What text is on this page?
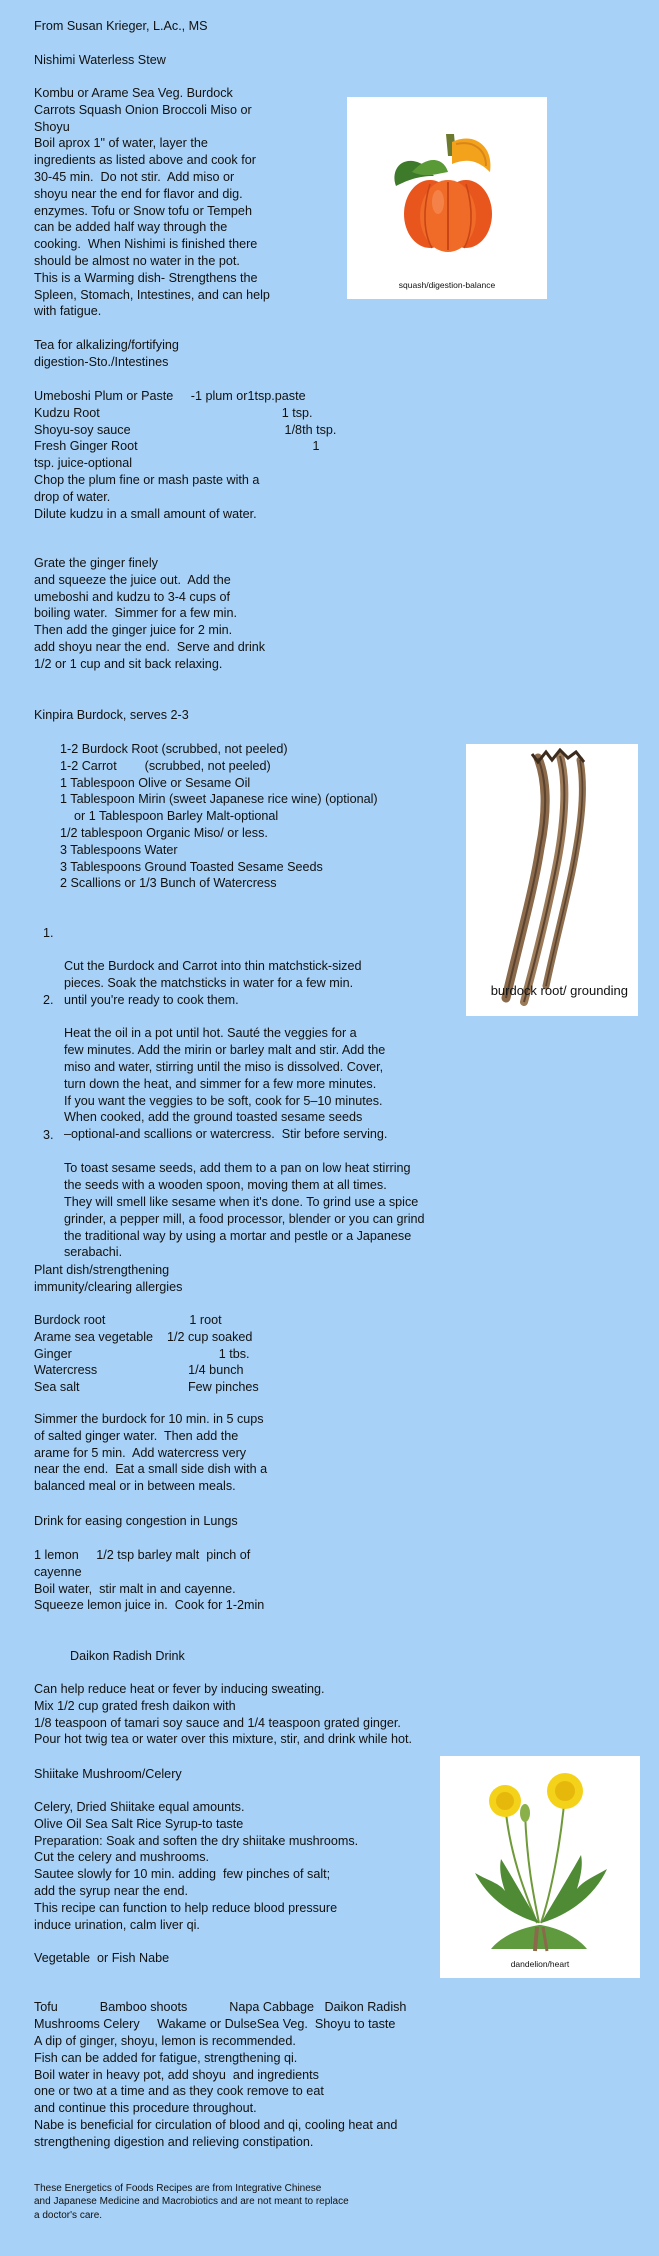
From Susan Krieger, L.Ac., MS

Nishimi Waterless Stew

Kombu or Arame Sea Veg. Burdock
Carrots Squash Onion Broccoli Miso or
Shoyu
Boil aprox 1" of water, layer the
ingredients as listed above and cook for
30-45 min.  Do not stir.  Add miso or
shoyu near the end for flavor and dig.
enzymes. Tofu or Snow tofu or Tempeh
can be added half way through the
cooking.  When Nishimi is finished there
should be almost no water in the pot.
This is a Warming dish- Strengthens the
Spleen, Stomach, Intestines, and can help
with fatigue.

squash/digestion-balance

Tea for alkalizing/fortifying
digestion-Sto./Intestines

Umeboshi Plum or Paste     -1 plum or1tsp.paste
Kudzu Root                                                    1 tsp.
Shoyu-soy sauce                                            1/8th tsp.
Fresh Ginger Root                                                  1
tsp. juice-optional
Chop the plum fine or mash paste with a
drop of water.
Dilute kudzu in a small amount of water.

Grate the ginger finely
and squeeze the juice out.  Add the
umeboshi and kudzu to 3-4 cups of
boiling water.  Simmer for a few min.
Then add the ginger juice for 2 min.
add shoyu near the end.  Serve and drink
1/2 or 1 cup and sit back relaxing.

Kinpira Burdock, serves 2-3

1-2 Burdock Root (scrubbed, not peeled)
1-2 Carrot        (scrubbed, not peeled)
1 Tablespoon Olive or Sesame Oil
1 Tablespoon Mirin (sweet Japanese rice wine) (optional)
or 1 Tablespoon Barley Malt-optional
1/2 tablespoon Organic Miso/ or less.
3 Tablespoons Water
3 Tablespoons Ground Toasted Sesame Seeds
2 Scallions or 1/3 Bunch of Watercress

1.

Cut the Burdock and Carrot into thin matchstick-sized
pieces. Soak the matchsticks in water for a few min.
until you're ready to cook them.

2.

Heat the oil in a pot until hot. Sauté the veggies for a
few minutes. Add the mirin or barley malt and stir. Add the
miso and water, stirring until the miso is dissolved. Cover,
turn down the heat, and simmer for a few more minutes.
If you want the veggies to be soft, cook for 5–10 minutes.
When cooked, add the ground toasted sesame seeds
–optional-and scallions or watercress.  Stir before serving.

3.

To toast sesame seeds, add them to a pan on low heat stirring
the seeds with a wooden spoon, moving them at all times.
They will smell like sesame when it's done. To grind use a spice
grinder, a pepper mill, a food processor, blender or you can grind
the traditional way by using a mortar and pestle or a Japanese
serabachi.

burdock root/ grounding

Plant dish/strengthening
immunity/clearing allergies

Burdock root                        1 root
Arame sea vegetable    1/2 cup soaked
Ginger                                          1 tbs.
Watercress                          1/4 bunch
Sea salt                               Few pinches

Simmer the burdock for 10 min. in 5 cups
of salted ginger water.  Then add the
arame for 5 min.  Add watercress very
near the end.  Eat a small side dish with a
balanced meal or in between meals.

Drink for easing congestion in Lungs

1 lemon     1/2 tsp barley malt  pinch of
cayenne
Boil water,  stir malt in and cayenne.
Squeeze lemon juice in.  Cook for 1-2min

Daikon Radish Drink

Can help reduce heat or fever by inducing sweating.
Mix 1/2 cup grated fresh daikon with
1/8 teaspoon of tamari soy sauce and 1/4 teaspoon grated ginger.
Pour hot twig tea or water over this mixture, stir, and drink while hot.

Shiitake Mushroom/Celery

Celery, Dried Shiitake equal amounts.
Olive Oil Sea Salt Rice Syrup-to taste
Preparation: Soak and soften the dry shiitake mushrooms.
Cut the celery and mushrooms.
Sautee slowly for 10 min. adding  few pinches of salt;
add the syrup near the end.
This recipe can function to help reduce blood pressure
induce urination, calm liver qi.

dandelion/heart

Vegetable  or Fish Nabe

Tofu            Bamboo shoots            Napa Cabbage   Daikon Radish
Mushrooms Celery     Wakame or DulseSea Veg.  Shoyu to taste

A dip of ginger, shoyu, lemon is recommended.
Fish can be added for fatigue, strengthening qi.
Boil water in heavy pot, add shoyu  and ingredients
one or two at a time and as they cook remove to eat
and continue this procedure throughout.
Nabe is beneficial for circulation of blood and qi, cooling heat and
strengthening digestion and relieving constipation.

These Energetics of Foods Recipes are from Integrative Chinese
and Japanese Medicine and Macrobiotics and are not meant to replace
a doctor's care.
